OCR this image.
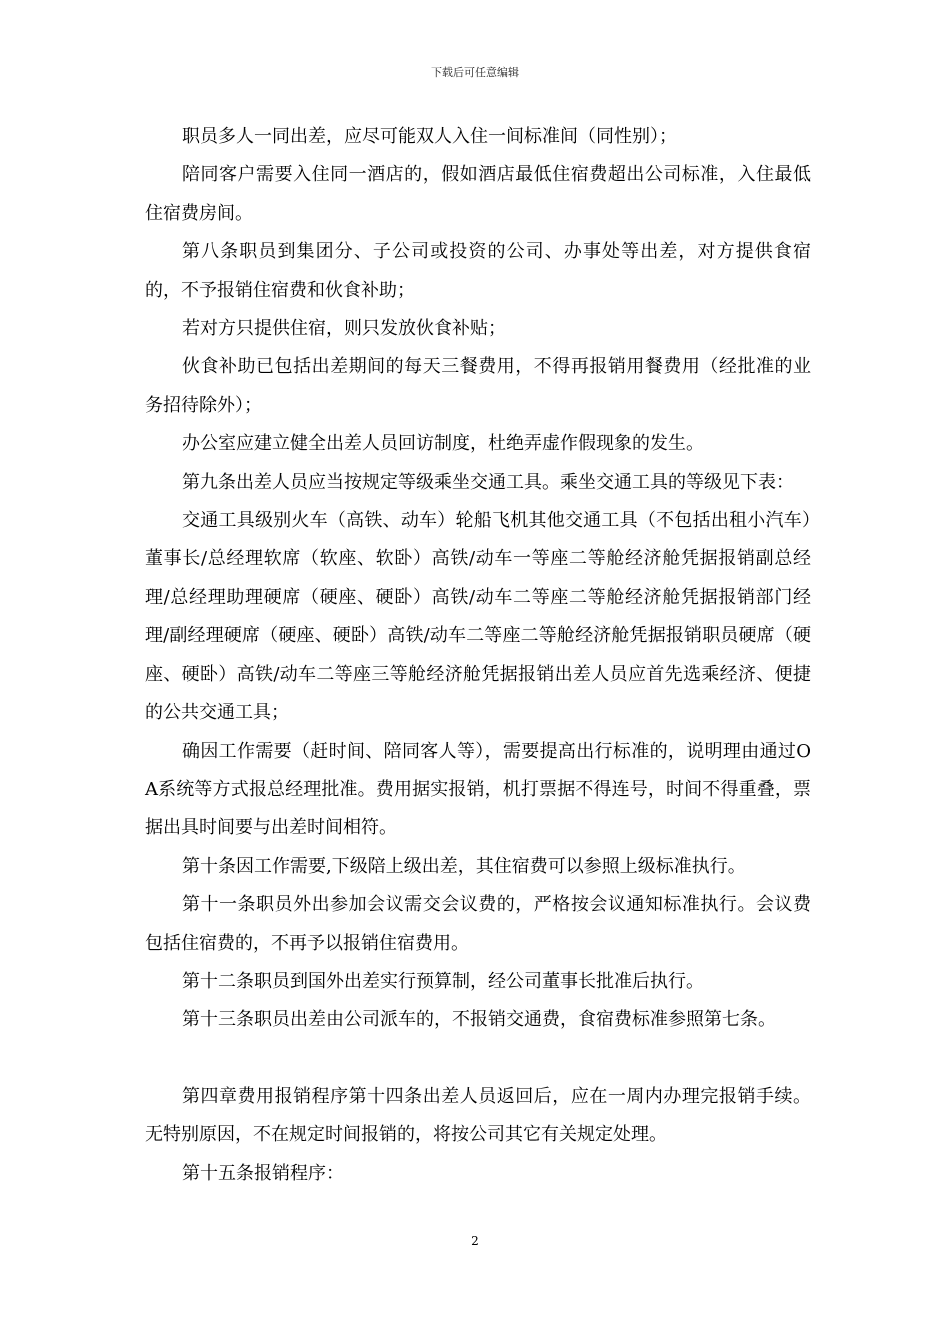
下载后可任意编辑

职员多人一同出差，应尽可能双人入住一间标准间（同性别）；

陪同客户需要入住同一酒店的，假如酒店最低住宿费超出公司标准，入住最低住宿费房间。

第八条职员到集团分、子公司或投资的公司、办事处等出差，对方提供食宿的，不予报销住宿费和伙食补助；

若对方只提供住宿，则只发放伙食补贴；

伙食补助已包括出差期间的每天三餐费用，不得再报销用餐费用（经批准的业务招待除外）；

办公室应建立健全出差人员回访制度，杜绝弄虚作假现象的发生。

第九条出差人员应当按规定等级乘坐交通工具。乘坐交通工具的等级见下表：

交通工具级别火车（高铁、动车）轮船飞机其他交通工具（不包括出租小汽车）董事长/总经理软席（软座、软卧）高铁/动车一等座二等舱经济舱凭据报销副总经理/总经理助理硬席（硬座、硬卧）高铁/动车二等座二等舱经济舱凭据报销部门经理/副经理硬席（硬座、硬卧）高铁/动车二等座二等舱经济舱凭据报销职员硬席（硬座、硬卧）高铁/动车二等座三等舱经济舱凭据报销出差人员应首先选乘经济、便捷的公共交通工具；

确因工作需要（赶时间、陪同客人等），需要提高出行标准的，说明理由通过OA系统等方式报总经理批准。费用据实报销，机打票据不得连号，时间不得重叠，票据出具时间要与出差时间相符。

第十条因工作需要,下级陪上级出差，其住宿费可以参照上级标准执行。

第十一条职员外出参加会议需交会议费的，严格按会议通知标准执行。会议费包括住宿费的，不再予以报销住宿费用。

第十二条职员到国外出差实行预算制，经公司董事长批准后执行。

第十三条职员出差由公司派车的，不报销交通费，食宿费标准参照第七条。

第四章费用报销程序第十四条出差人员返回后，应在一周内办理完报销手续。无特别原因，不在规定时间报销的，将按公司其它有关规定处理。

第十五条报销程序：

2
